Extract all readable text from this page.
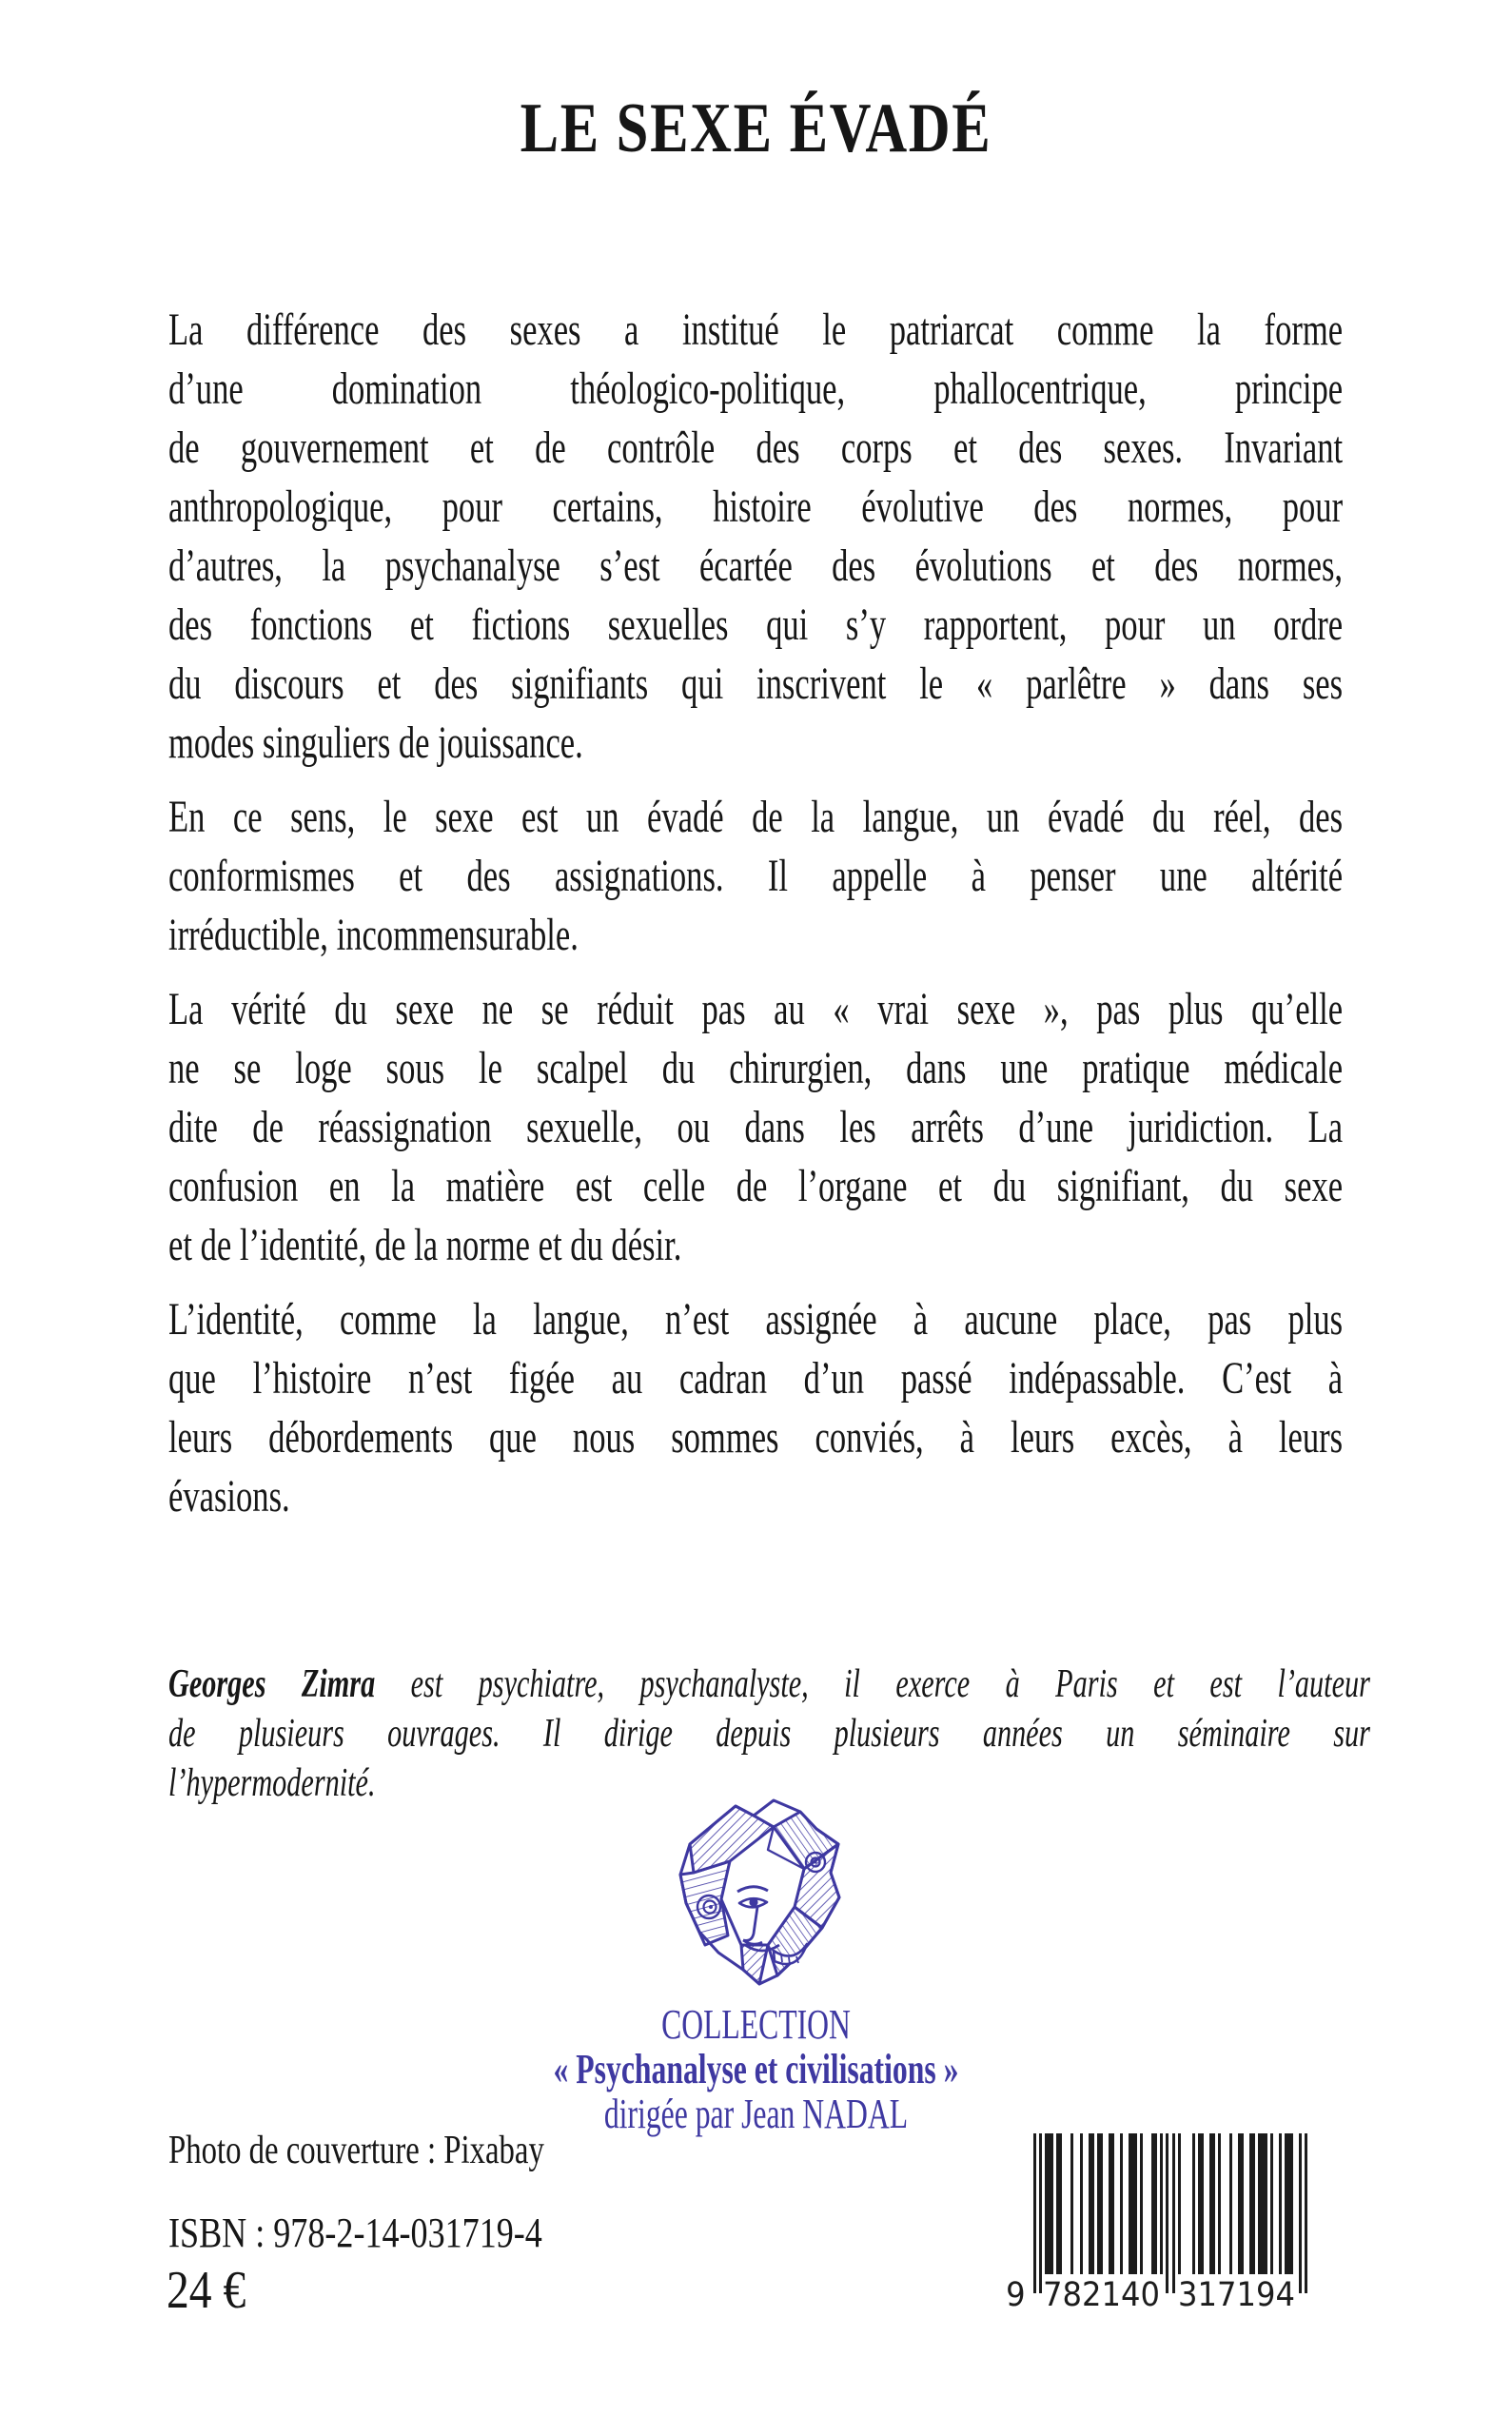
LE SEXE ÉVADÉ
La différence des sexes a institué le patriarcat comme la forme
d’une domination théologico-politique, phallocentrique, principe
de gouvernement et de contrôle des corps et des sexes. Invariant
anthropologique, pour certains, histoire évolutive des normes, pour
d’autres, la psychanalyse s’est écartée des évolutions et des normes,
des fonctions et fictions sexuelles qui s’y rapportent, pour un ordre
du discours et des signifiants qui inscrivent le « parlêtre » dans ses
modes singuliers de jouissance.
En ce sens, le sexe est un évadé de la langue, un évadé du réel, des
conformismes et des assignations. Il appelle à penser une altérité
irréductible, incommensurable.
La vérité du sexe ne se réduit pas au « vrai sexe », pas plus qu’elle
ne se loge sous le scalpel du chirurgien, dans une pratique médicale
dite de réassignation sexuelle, ou dans les arrêts d’une juridiction. La
confusion en la matière est celle de l’organe et du signifiant, du sexe
et de l’identité, de la norme et du désir.
L’identité, comme la langue, n’est assignée à aucune place, pas plus
que l’histoire n’est figée au cadran d’un passé indépassable. C’est à
leurs débordements que nous sommes conviés, à leurs excès, à leurs
évasions.
Georges Zimra est psychiatre, psychanalyste, il exerce à Paris et est l’auteur
de plusieurs ouvrages. Il dirige depuis plusieurs années un séminaire sur
l’hypermodernité.
COLLECTION
« Psychanalyse et civilisations »
dirigée par Jean NADAL
Photo de couverture : Pixabay
ISBN : 978-2-14-031719-4
24 €	9 7 8 2 1 4 0 3 1 7 1 9 4
